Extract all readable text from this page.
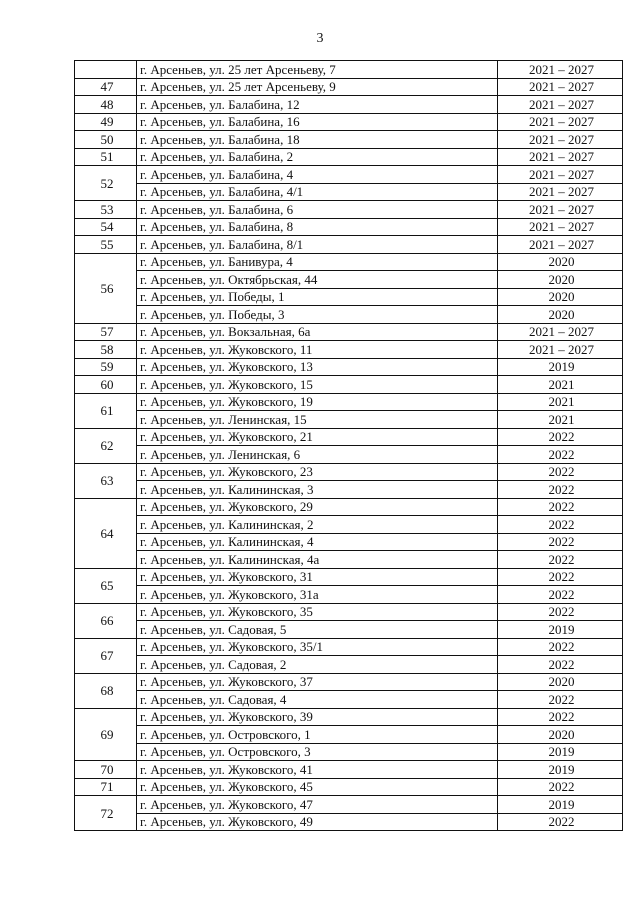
3
	г. Арсеньев, ул. 25 лет Арсеньеву, 7	2021 – 2027
47	г. Арсеньев, ул. 25 лет Арсеньеву, 9	2021 – 2027
48	г. Арсеньев, ул. Балабина, 12	2021 – 2027
49	г. Арсеньев, ул. Балабина, 16	2021 – 2027
50	г. Арсеньев, ул. Балабина, 18	2021 – 2027
51	г. Арсеньев, ул. Балабина, 2	2021 – 2027
52	г. Арсеньев, ул. Балабина, 4	2021 – 2027
	г. Арсеньев, ул. Балабина, 4/1	2021 – 2027
53	г. Арсеньев, ул. Балабина, 6	2021 – 2027
54	г. Арсеньев, ул. Балабина, 8	2021 – 2027
55	г. Арсеньев, ул. Балабина, 8/1	2021 – 2027
56	г. Арсеньев, ул. Банивура, 4	2020
	г. Арсеньев, ул. Октябрьская, 44	2020
	г. Арсеньев, ул. Победы, 1	2020
	г. Арсеньев, ул. Победы, 3	2020
57	г. Арсеньев, ул. Вокзальная, 6а	2021 – 2027
58	г. Арсеньев, ул. Жуковского, 11	2021 – 2027
59	г. Арсеньев, ул. Жуковского, 13	2019
60	г. Арсеньев, ул. Жуковского, 15	2021
61	г. Арсеньев, ул. Жуковского, 19	2021
	г. Арсеньев, ул. Ленинская, 15	2021
62	г. Арсеньев, ул. Жуковского, 21	2022
	г. Арсеньев, ул. Ленинская, 6	2022
63	г. Арсеньев, ул. Жуковского, 23	2022
	г. Арсеньев, ул. Калининская, 3	2022
64	г. Арсеньев, ул. Жуковского, 29	2022
	г. Арсеньев, ул. Калининская, 2	2022
	г. Арсеньев, ул. Калининская, 4	2022
	г. Арсеньев, ул. Калининская, 4а	2022
65	г. Арсеньев, ул. Жуковского, 31	2022
	г. Арсеньев, ул. Жуковского, 31а	2022
66	г. Арсеньев, ул. Жуковского, 35	2022
	г. Арсеньев, ул. Садовая, 5	2019
67	г. Арсеньев, ул. Жуковского, 35/1	2022
	г. Арсеньев, ул. Садовая, 2	2022
68	г. Арсеньев, ул. Жуковского, 37	2020
	г. Арсеньев, ул. Садовая, 4	2022
69	г. Арсеньев, ул. Жуковского, 39	2022
	г. Арсеньев, ул. Островского, 1	2020
	г. Арсеньев, ул. Островского, 3	2019
70	г. Арсеньев, ул. Жуковского, 41	2019
71	г. Арсеньев, ул. Жуковского, 45	2022
72	г. Арсеньев, ул. Жуковского, 47	2019
	г. Арсеньев, ул. Жуковского, 49	2022
